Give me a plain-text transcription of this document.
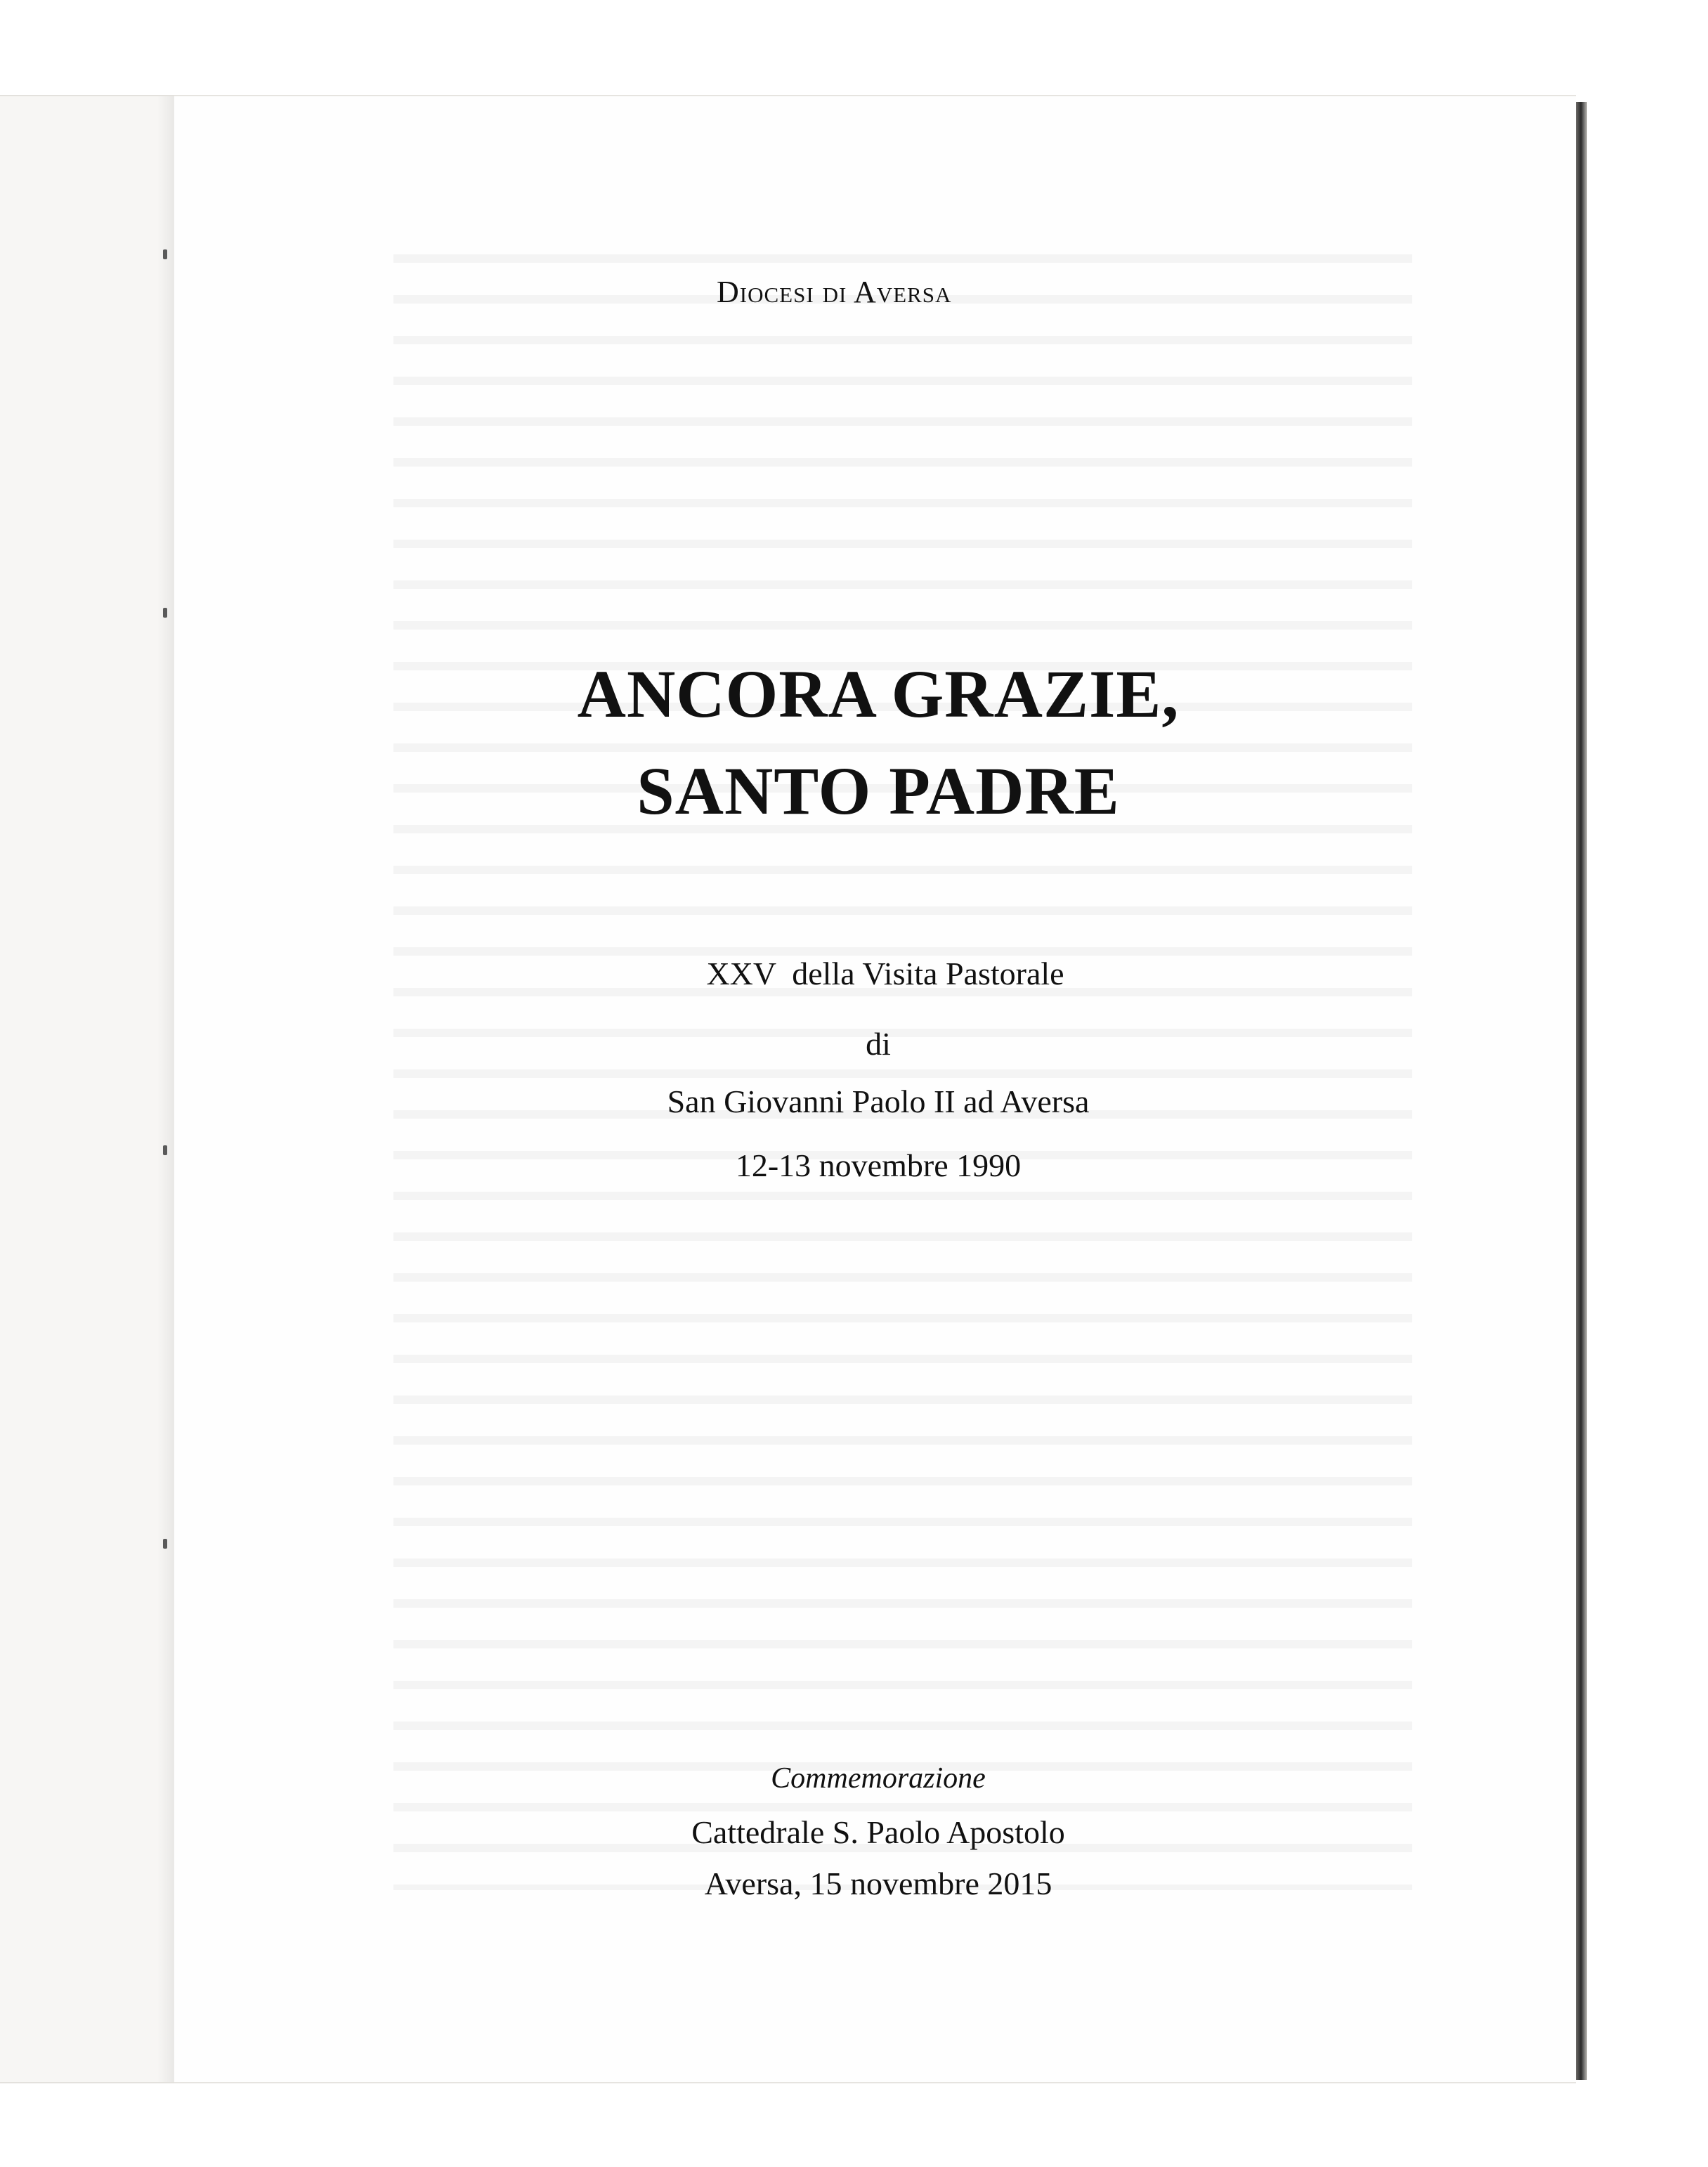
Diocesi di Aversa
ANCORA GRAZIE,
SANTO PADRE
XXV  della Visita Pastorale
di
San Giovanni Paolo II ad Aversa
12-13 novembre 1990
Commemorazione
Cattedrale S. Paolo Apostolo
Aversa, 15 novembre 2015
